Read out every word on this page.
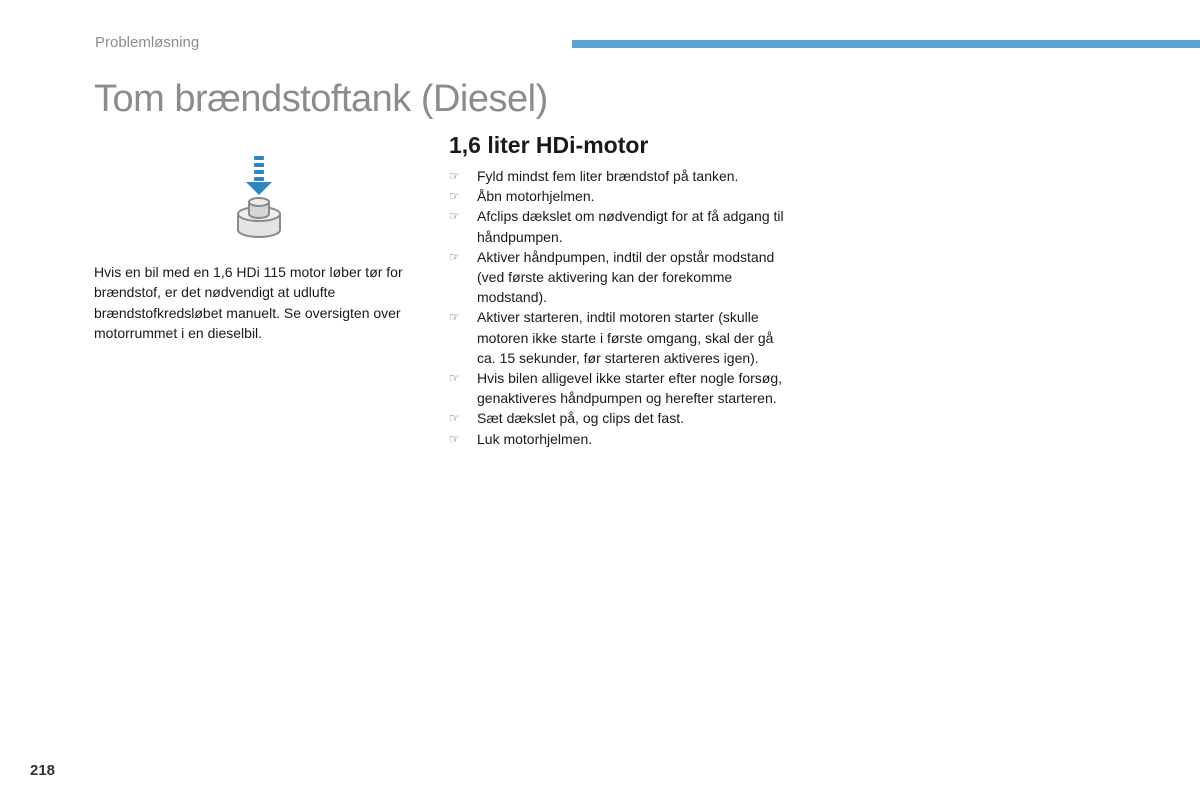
Problemløsning
Tom brændstoftank (Diesel)
Hvis en bil med en 1,6 HDi 115 motor løber tør for brændstof, er det nødvendigt at udlufte brændstofkredsløbet manuelt. Se oversigten over motorrummet i en dieselbil.
1,6 liter HDi-motor
☞ Fyld mindst fem liter brændstof på tanken.
☞ Åbn motorhjelmen.
☞ Afclips dækslet om nødvendigt for at få adgang til håndpumpen.
☞ Aktiver håndpumpen, indtil der opstår modstand (ved første aktivering kan der forekomme modstand).
☞ Aktiver starteren, indtil motoren starter (skulle motoren ikke starte i første omgang, skal der gå ca. 15 sekunder, før starteren aktiveres igen).
☞ Hvis bilen alligevel ikke starter efter nogle forsøg, genaktiveres håndpumpen og herefter starteren.
☞ Sæt dækslet på, og clips det fast.
☞ Luk motorhjelmen.
218
